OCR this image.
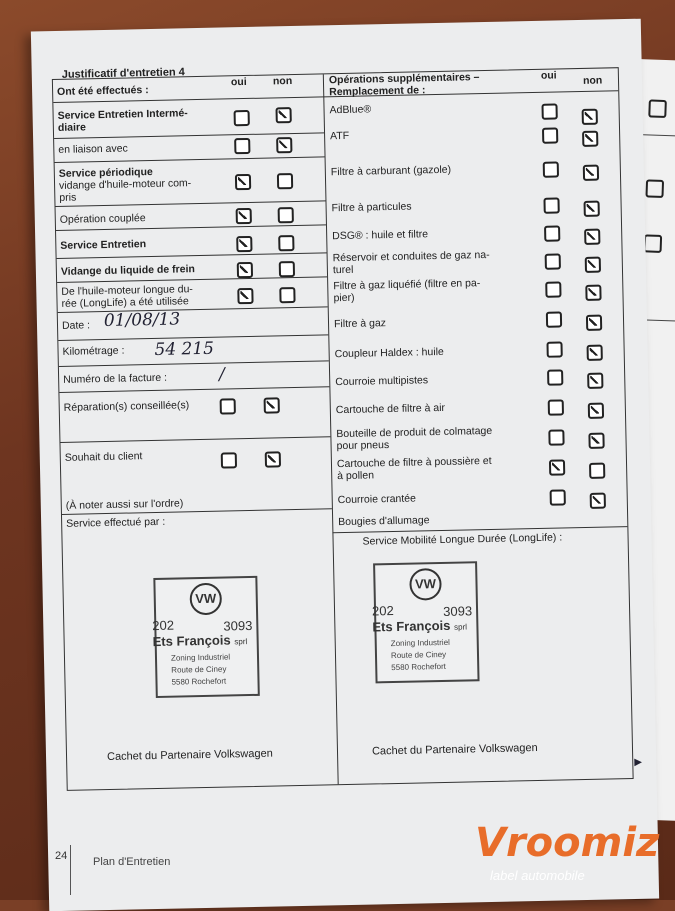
Justificatif d'entretien 4
Ont été effectués :
oui non	Opérations supplémentaires –
Remplacement de :
oui non
Service Entretien Intermé-
diaire
en liaison avec
Service périodique
vidange d'huile-moteur com-
pris
Opération couplée
Service Entretien
Vidange du liquide de frein
De l'huile-moteur longue du-
rée (LongLife) a été utilisée
Date : 01/08/13
Kilométrage : 54 215
Numéro de la facture :	/
Réparation(s) conseillée(s)
Souhait du client
(À noter aussi sur l'ordre)
Service effectué par :
AdBlue®
ATF
Filtre à carburant (gazole)
Filtre à particules
DSG® : huile et filtre
Réservoir et conduites de gaz na-
turel
Filtre à gaz liquéfié (filtre en pa-
pier)
Filtre à gaz
Coupleur Haldex : huile
Courroie multipistes
Cartouche de filtre à air
Bouteille de produit de colmatage
pour pneus
Cartouche de filtre à poussière et
à pollen
Courroie crantée
Bougies d'allumage
Service Mobilité Longue Durée (LongLife) :
VW
202	3093
Ets François sprl
Zoning Industriel
Route de Ciney
5580 Rochefort
VW
202	3093
Ets François sprl
Zoning Industriel
Route de Ciney
5580 Rochefort
Cachet du Partenaire Volkswagen	Cachet du Partenaire Volkswagen
▶
24 Plan d'Entretien	Vroomiz
label automobile
